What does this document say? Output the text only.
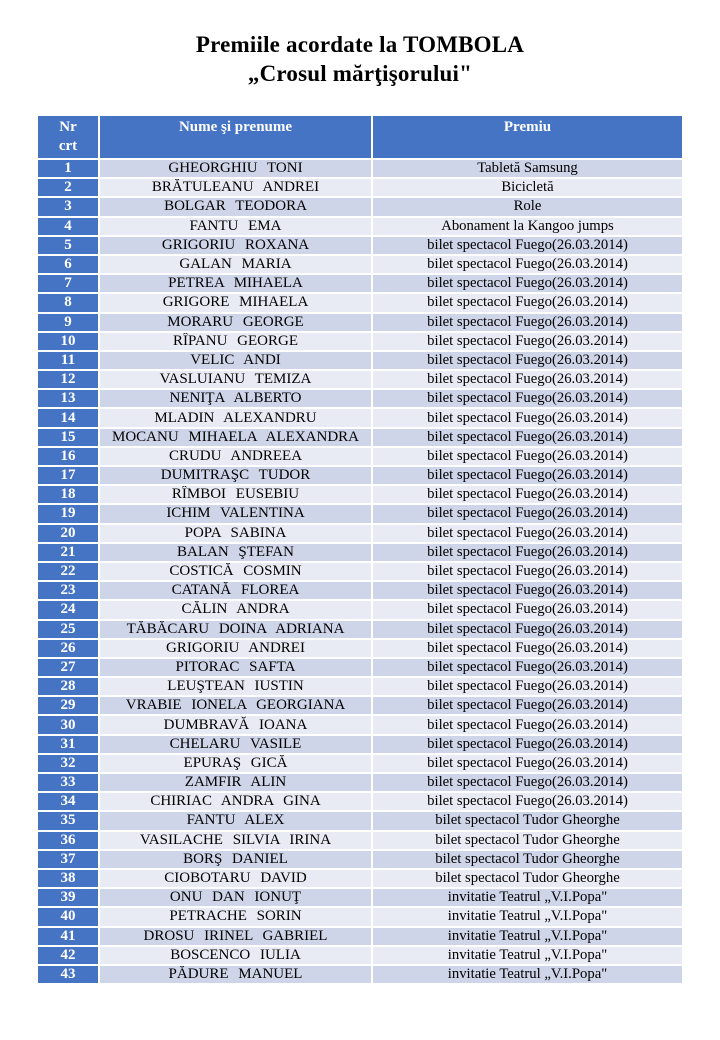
Premiile acordate la TOMBOLA
„Crosul mărţişorului"
Nr
crt	Nume şi prenume	Premiu
1	GHEORGHIU TONI	Tabletă Samsung
2	BRĂTULEANU ANDREI	Bicicletă
3	BOLGAR TEODORA	Role
4	FANTU EMA	Abonament la Kangoo jumps
5	GRIGORIU ROXANA	bilet spectacol Fuego(26.03.2014)
6	GALAN MARIA	bilet spectacol Fuego(26.03.2014)
7	PETREA MIHAELA	bilet spectacol Fuego(26.03.2014)
8	GRIGORE MIHAELA	bilet spectacol Fuego(26.03.2014)
9	MORARU GEORGE	bilet spectacol Fuego(26.03.2014)
10	RÎPANU GEORGE	bilet spectacol Fuego(26.03.2014)
11	VELIC ANDI	bilet spectacol Fuego(26.03.2014)
12	VASLUIANU TEMIZA	bilet spectacol Fuego(26.03.2014)
13	NENIŢA ALBERTO	bilet spectacol Fuego(26.03.2014)
14	MLADIN ALEXANDRU	bilet spectacol Fuego(26.03.2014)
15	MOCANU MIHAELA ALEXANDRA	bilet spectacol Fuego(26.03.2014)
16	CRUDU ANDREEA	bilet spectacol Fuego(26.03.2014)
17	DUMITRAŞC TUDOR	bilet spectacol Fuego(26.03.2014)
18	RÎMBOI EUSEBIU	bilet spectacol Fuego(26.03.2014)
19	ICHIM VALENTINA	bilet spectacol Fuego(26.03.2014)
20	POPA SABINA	bilet spectacol Fuego(26.03.2014)
21	BALAN ŞTEFAN	bilet spectacol Fuego(26.03.2014)
22	COSTICĂ COSMIN	bilet spectacol Fuego(26.03.2014)
23	CATANĂ FLOREA	bilet spectacol Fuego(26.03.2014)
24	CĂLIN ANDRA	bilet spectacol Fuego(26.03.2014)
25	TĂBĂCARU DOINA ADRIANA	bilet spectacol Fuego(26.03.2014)
26	GRIGORIU ANDREI	bilet spectacol Fuego(26.03.2014)
27	PITORAC SAFTA	bilet spectacol Fuego(26.03.2014)
28	LEUŞTEAN IUSTIN	bilet spectacol Fuego(26.03.2014)
29	VRABIE IONELA GEORGIANA	bilet spectacol Fuego(26.03.2014)
30	DUMBRAVĂ IOANA	bilet spectacol Fuego(26.03.2014)
31	CHELARU VASILE	bilet spectacol Fuego(26.03.2014)
32	EPURAŞ GICĂ	bilet spectacol Fuego(26.03.2014)
33	ZAMFIR ALIN	bilet spectacol Fuego(26.03.2014)
34	CHIRIAC ANDRA GINA	bilet spectacol Fuego(26.03.2014)
35	FANTU ALEX	bilet spectacol Tudor Gheorghe
36	VASILACHE SILVIA IRINA	bilet spectacol Tudor Gheorghe
37	BORŞ DANIEL	bilet spectacol Tudor Gheorghe
38	CIOBOTARU DAVID	bilet spectacol Tudor Gheorghe
39	ONU DAN IONUŢ	invitatie Teatrul „V.I.Popa"
40	PETRACHE SORIN	invitatie Teatrul „V.I.Popa"
41	DROSU IRINEL GABRIEL	invitatie Teatrul „V.I.Popa"
42	BOSCENCO IULIA	invitatie Teatrul „V.I.Popa"
43	PĂDURE MANUEL	invitatie Teatrul „V.I.Popa"
